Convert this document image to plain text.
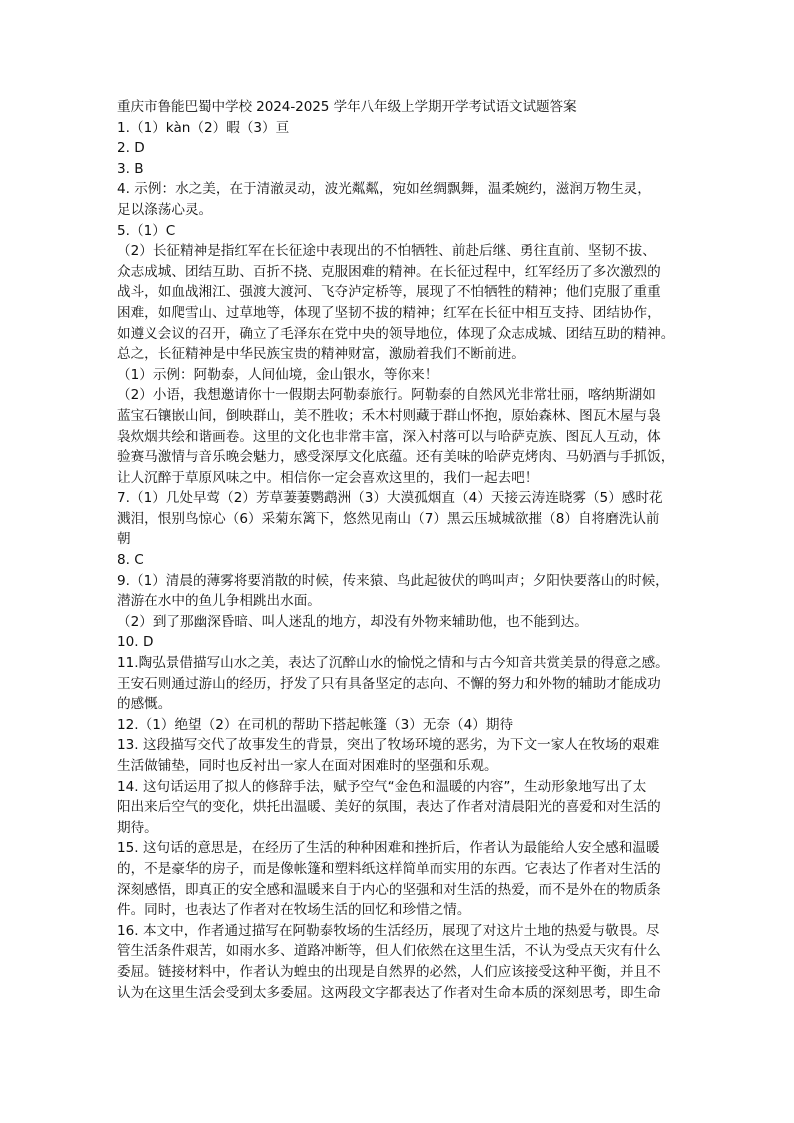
重庆市鲁能巴蜀中学校 2024-2025 学年八年级上学期开学考试语文试题答案
1.（1）kàn（2）暇（3）亘
2. D
3. B
4. 示例：水之美，在于清澈灵动，波光粼粼，宛如丝绸飘舞，温柔婉约，滋润万物生灵，
足以涤荡心灵。
5.（1）C
（2）长征精神是指红军在长征途中表现出的不怕牺牲、前赴后继、勇往直前、坚韧不拔、
众志成城、团结互助、百折不挠、克服困难的精神。在长征过程中，红军经历了多次激烈的
战斗，如血战湘江、强渡大渡河、飞夺泸定桥等，展现了不怕牺牲的精神；他们克服了重重
困难，如爬雪山、过草地等，体现了坚韧不拔的精神；红军在长征中相互支持、团结协作，
如遵义会议的召开，确立了毛泽东在党中央的领导地位，体现了众志成城、团结互助的精神。
总之，长征精神是中华民族宝贵的精神财富，激励着我们不断前进。
（1）示例：阿勒泰，人间仙境，金山银水，等你来！
（2）小语，我想邀请你十一假期去阿勒泰旅行。阿勒泰的自然风光非常壮丽，喀纳斯湖如
蓝宝石镶嵌山间，倒映群山，美不胜收；禾木村则藏于群山怀抱，原始森林、图瓦木屋与袅
袅炊烟共绘和谐画卷。这里的文化也非常丰富，深入村落可以与哈萨克族、图瓦人互动，体
验赛马激情与音乐晚会魅力，感受深厚文化底蕴。还有美味的哈萨克烤肉、马奶酒与手抓饭，
让人沉醉于草原风味之中。相信你一定会喜欢这里的，我们一起去吧！
7.（1）几处早莺（2）芳草萋萋鹦鹉洲（3）大漠孤烟直（4）天接云涛连晓雾（5）感时花
溅泪，恨别鸟惊心（6）采菊东篱下，悠然见南山（7）黑云压城城欲摧（8）自将磨洗认前
朝
8. C
9.（1）清晨的薄雾将要消散的时候，传来猿、鸟此起彼伏的鸣叫声；夕阳快要落山的时候，
潜游在水中的鱼儿争相跳出水面。
（2）到了那幽深昏暗、叫人迷乱的地方，却没有外物来辅助他，也不能到达。
10. D
11.陶弘景借描写山水之美，表达了沉醉山水的愉悦之情和与古今知音共赏美景的得意之感。
王安石则通过游山的经历，抒发了只有具备坚定的志向、不懈的努力和外物的辅助才能成功
的感慨。
12.（1）绝望（2）在司机的帮助下搭起帐篷（3）无奈（4）期待
13. 这段描写交代了故事发生的背景，突出了牧场环境的恶劣，为下文一家人在牧场的艰难
生活做铺垫，同时也反衬出一家人在面对困难时的坚强和乐观。
14. 这句话运用了拟人的修辞手法，赋予空气“金色和温暖的内容”，生动形象地写出了太
阳出来后空气的变化，烘托出温暖、美好的氛围，表达了作者对清晨阳光的喜爱和对生活的
期待。
15. 这句话的意思是，在经历了生活的种种困难和挫折后，作者认为最能给人安全感和温暖
的，不是豪华的房子，而是像帐篷和塑料纸这样简单而实用的东西。它表达了作者对生活的
深刻感悟，即真正的安全感和温暖来自于内心的坚强和对生活的热爱，而不是外在的物质条
件。同时，也表达了作者对在牧场生活的回忆和珍惜之情。
16. 本文中，作者通过描写在阿勒泰牧场的生活经历，展现了对这片土地的热爱与敬畏。尽
管生活条件艰苦，如雨水多、道路冲断等，但人们依然在这里生活，不认为受点天灾有什么
委屈。链接材料中，作者认为蝗虫的出现是自然界的必然，人们应该接受这种平衡，并且不
认为在这里生活会受到太多委屈。这两段文字都表达了作者对生命本质的深刻思考，即生命
